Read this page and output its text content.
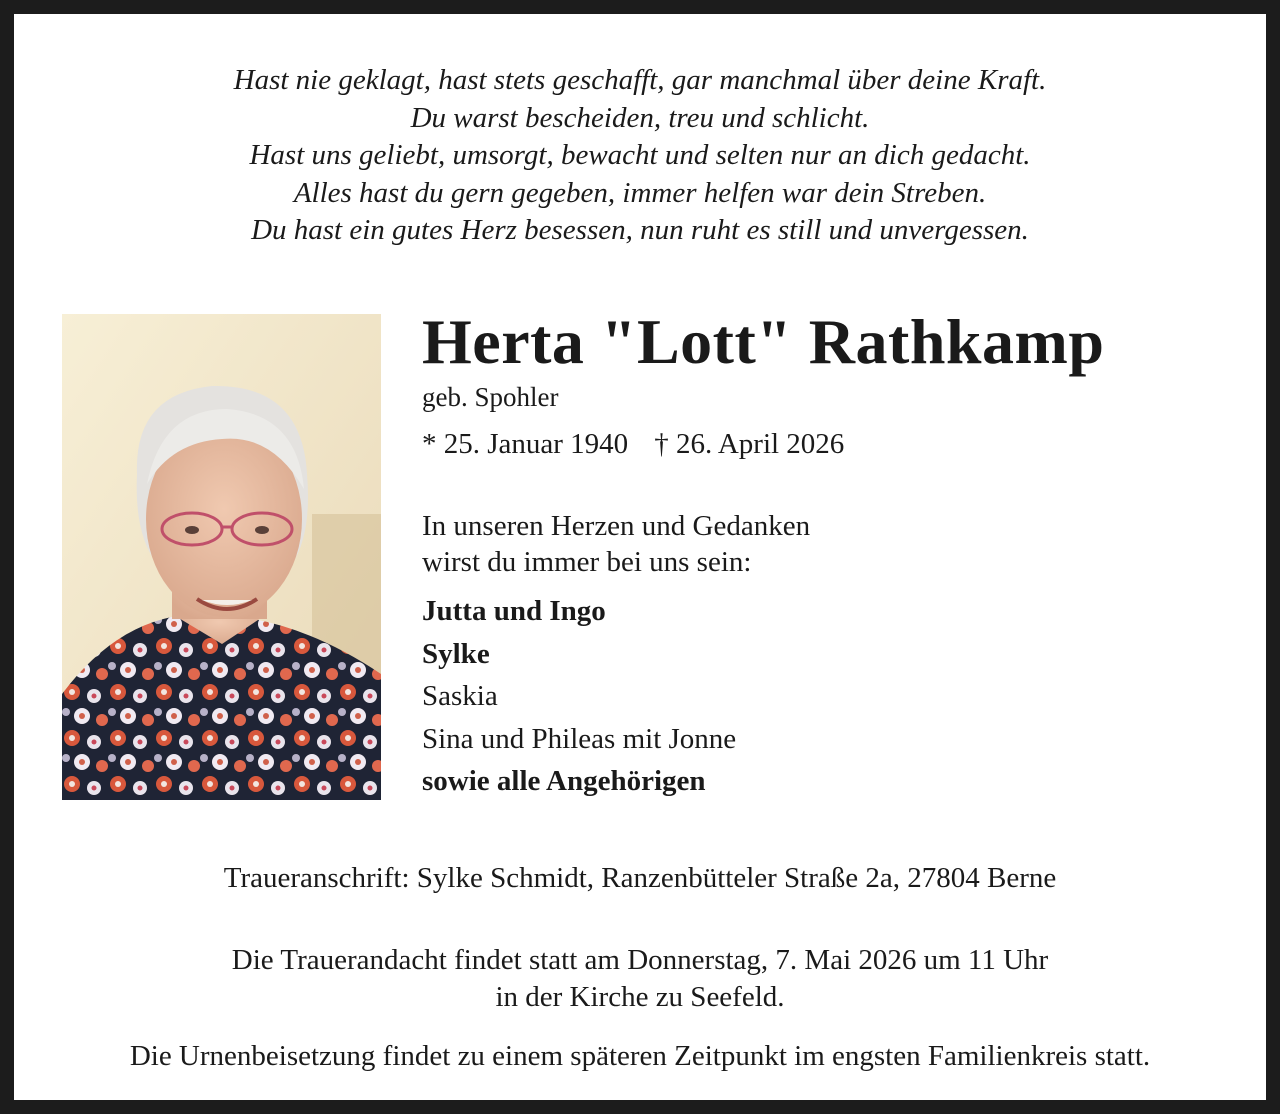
Hast nie geklagt, hast stets geschafft, gar manchmal über deine Kraft.
Du warst bescheiden, treu und schlicht.
Hast uns geliebt, umsorgt, bewacht und selten nur an dich gedacht.
Alles hast du gern gegeben, immer helfen war dein Streben.
Du hast ein gutes Herz besessen, nun ruht es still und unvergessen.
Herta "Lott" Rathkamp
geb. Spohler
* 25. Januar 1940 † 26. April 2026
In unseren Herzen und Gedanken
wirst du immer bei uns sein:
Jutta und Ingo
Sylke
Saskia
Sina und Phileas mit Jonne
sowie alle Angehörigen
Traueranschrift: Sylke Schmidt, Ranzenbütteler Straße 2a, 27804 Berne
Die Trauerandacht findet statt am Donnerstag, 7. Mai 2026 um 11 Uhr
in der Kirche zu Seefeld.
Die Urnenbeisetzung findet zu einem späteren Zeitpunkt im engsten Familienkreis statt.
